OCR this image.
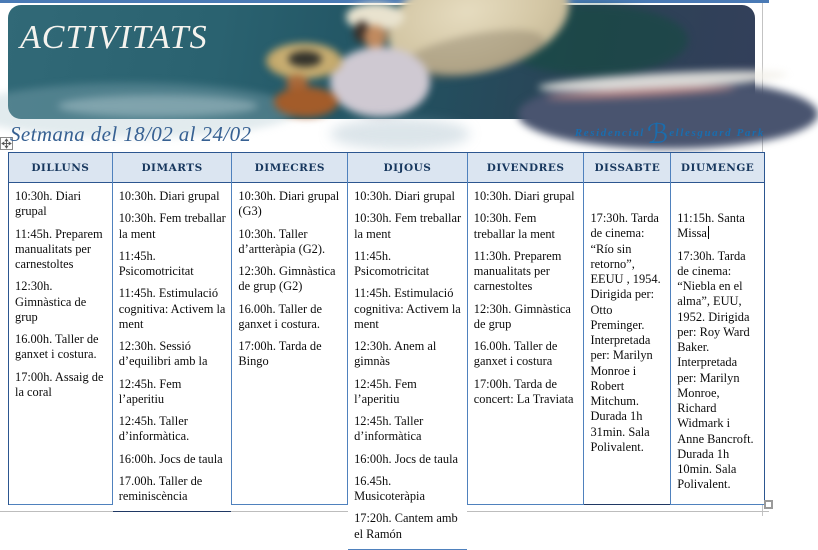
ACTIVITATS
Setmana del 18/02 al 24/02	Residencialℬellesguard Park
DILLUNS

10:30h. Diari grupal

11:45h. Preparem manualitats per carnestoltes

12:30h. Gimnàstica de grup

16.00h. Taller de ganxet i costura.

17:00h. Assaig de la coral

DIMARTS

10:30h. Diari grupal

10:30h. Fem treballar la ment

11:45h. Psicomotricitat

11:45h. Estimulació cognitiva: Activem la ment

12:30h. Sessió d’equilibri amb la

12:45h. Fem l’aperitiu

12:45h. Taller d’informàtica.

16:00h. Jocs de taula

17.00h. Taller de reminiscència

DIMECRES

10:30h. Diari grupal (G3)

10:30h. Taller d’artteràpia (G2).

12:30h. Gimnàstica de grup (G2)

16.00h. Taller de ganxet i costura.

17:00h. Tarda de Bingo

DIJOUS

10:30h. Diari grupal

10:30h. Fem treballar la ment

11:45h. Psicomotricitat

11:45h. Estimulació cognitiva: Activem la ment

12:30h. Anem al gimnàs

12:45h. Fem l’aperitiu

12:45h. Taller d’informàtica

16:00h. Jocs de taula

16.45h. Musicoteràpia

17:20h. Cantem amb el Ramón

DIVENDRES

10:30h. Diari grupal

10:30h. Fem treballar la ment

11:30h. Preparem manualitats per carnestoltes

12:30h. Gimnàstica de grup

16.00h. Taller de ganxet i costura

17:00h. Tarda de concert: La Traviata

DISSABTE

17:30h. Tarda de cinema: “Río sin retorno”, EEUU , 1954. Dirigida per: Otto Preminger. Interpretada per: Marilyn Monroe i Robert Mitchum. Durada 1h 31min. Sala Polivalent.

DIUMENGE

11:15h. Santa Missa

17:30h. Tarda de cinema: “Niebla en el alma”, EUU, 1952. Dirigida per: Roy Ward Baker. Interpretada per: Marilyn Monroe, Richard Widmark i Anne Bancroft. Durada 1h 10min. Sala Polivalent.
